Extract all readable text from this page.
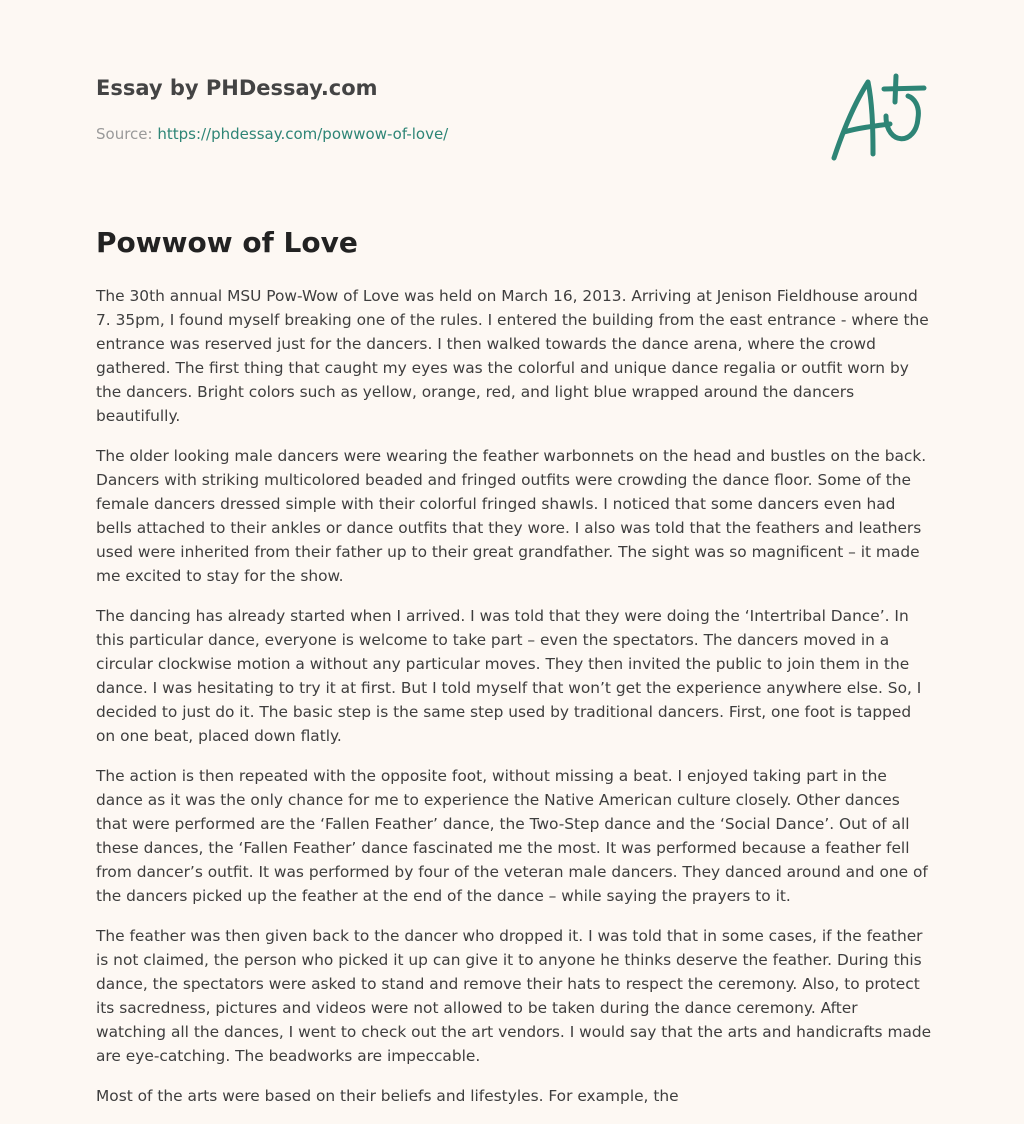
Essay by PHDessay.com
Source: https://phdessay.com/powwow-of-love/
Powwow of Love

The 30th annual MSU Pow-Wow of Love was held on March 16, 2013. Arriving at Jenison Fieldhouse around 7. 35pm, I found myself breaking one of the rules. I entered the building from the east entrance - where the entrance was reserved just for the dancers. I then walked towards the dance arena, where the crowd gathered. The first thing that caught my eyes was the colorful and unique dance regalia or outfit worn by the dancers. Bright colors such as yellow, orange, red, and light blue wrapped around the dancers beautifully.

The older looking male dancers were wearing the feather warbonnets on the head and bustles on the back. Dancers with striking multicolored beaded and fringed outfits were crowding the dance floor. Some of the female dancers dressed simple with their colorful fringed shawls. I noticed that some dancers even had bells attached to their ankles or dance outfits that they wore. I also was told that the feathers and leathers used were inherited from their father up to their great grandfather. The sight was so magnificent – it made me excited to stay for the show.

The dancing has already started when I arrived. I was told that they were doing the ‘Intertribal Dance’. In this particular dance, everyone is welcome to take part – even the spectators. The dancers moved in a circular clockwise motion a without any particular moves. They then invited the public to join them in the dance. I was hesitating to try it at first. But I told myself that won’t get the experience anywhere else. So, I decided to just do it. The basic step is the same step used by traditional dancers. First, one foot is tapped on one beat, placed down flatly.

The action is then repeated with the opposite foot, without missing a beat. I enjoyed taking part in the dance as it was the only chance for me to experience the Native American culture closely. Other dances that were performed are the ‘Fallen Feather’ dance, the Two-Step dance and the ‘Social Dance’. Out of all these dances, the ‘Fallen Feather’ dance fascinated me the most. It was performed because a feather fell from dancer’s outfit. It was performed by four of the veteran male dancers. They danced around and one of the dancers picked up the feather at the end of the dance – while saying the prayers to it.

The feather was then given back to the dancer who dropped it. I was told that in some cases, if the feather is not claimed, the person who picked it up can give it to anyone he thinks deserve the feather. During this dance, the spectators were asked to stand and remove their hats to respect the ceremony. Also, to protect its sacredness, pictures and videos were not allowed to be taken during the dance ceremony. After watching all the dances, I went to check out the art vendors. I would say that the arts and handicrafts made are eye-catching. The beadworks are impeccable.

Most of the arts were based on their beliefs and lifestyles. For example, the
